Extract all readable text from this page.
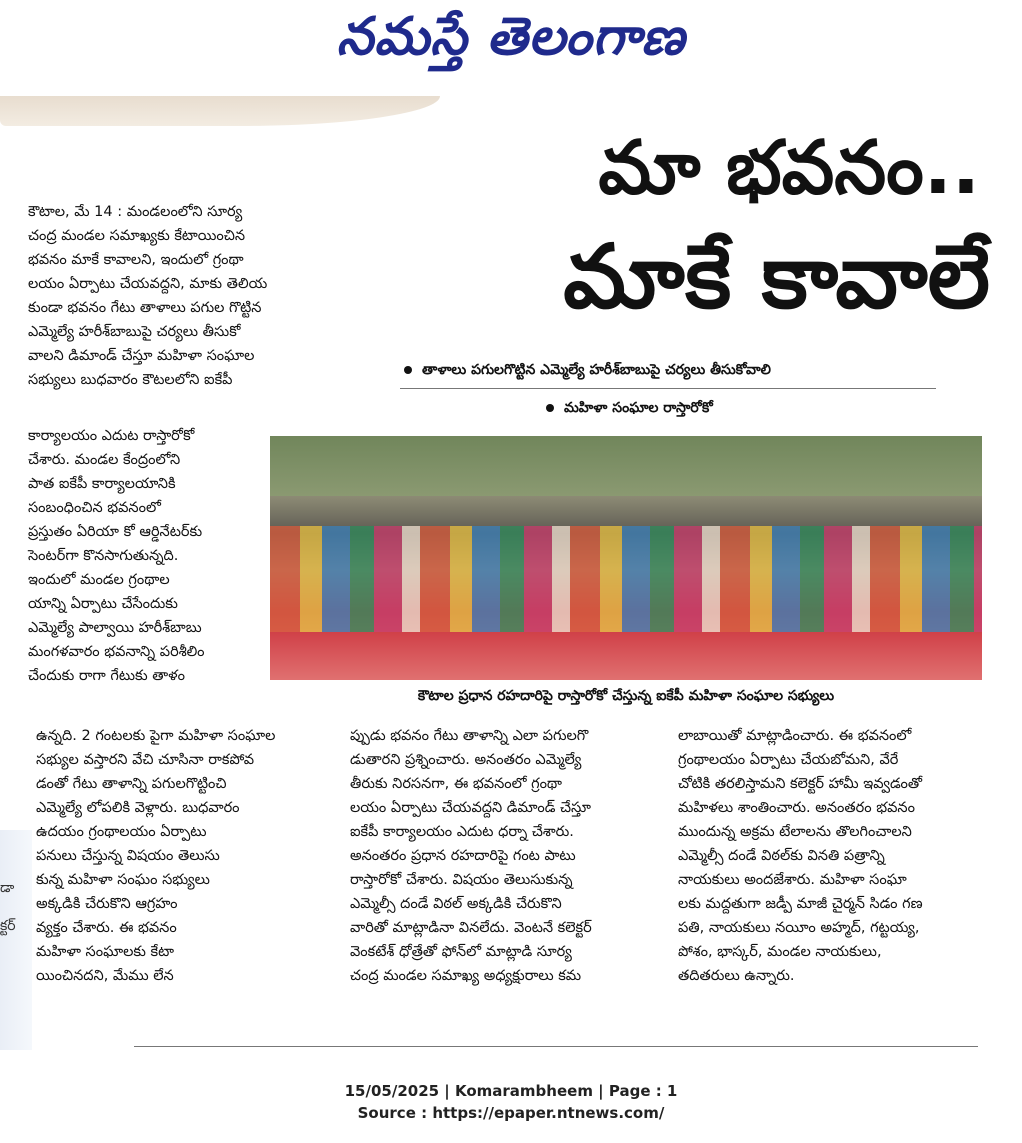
నమస్తే తెలంగాణ
మా భవనం..
మాకే కావాలే
తాళాలు పగులగొట్టిన ఎమ్మెల్యే హరీశ్‌బాబుపై చర్యలు తీసుకోవాలి
మహిళా సంఘాల రాస్తారోకో
కౌటాల ప్రధాన రహదారిపై రాస్తారోకో చేస్తున్న ఐకేపీ మహిళా సంఘాల సభ్యులు
డా
క్టర్

కౌటాల, మే 14 : మండలంలోని సూర్య

చంద్ర మండల సమాఖ్యకు కేటాయించిన

భవనం మాకే కావాలని, ఇందులో గ్రంథా

లయం ఏర్పాటు చేయవద్దని, మాకు తెలియ

కుండా భవనం గేటు తాళాలు పగుల గొట్టిన

ఎమ్మెల్యే హరీశ్‌బాబుపై చర్యలు తీసుకో

వాలని డిమాండ్ చేస్తూ మహిళా సంఘాల

సభ్యులు బుధవారం కౌటలలోని ఐకేపీ

కార్యాలయం ఎదుట రాస్తారోకో

చేశారు. మండల కేంద్రంలోని

పాత ఐకేపీ కార్యాలయానికి

సంబంధించిన భవనంలో

ప్రస్తుతం ఏరియా కో ఆర్డినేటర్‌కు

సెంటర్‌గా కొనసాగుతున్నది.

ఇందులో మండల గ్రంథాల

యాన్ని ఏర్పాటు చేసేందుకు

ఎమ్మెల్యే పాల్వాయి హరీశ్‌బాబు

మంగళవారం భవనాన్ని పరిశీలిం

చేందుకు రాగా గేటుకు తాళం

ఉన్నది. 2 గంటలకు పైగా మహిళా సంఘాల

సభ్యుల వస్తారని వేచి చూసినా రాకపోవ

డంతో గేటు తాళాన్ని పగులగొట్టించి

ఎమ్మెల్యే లోపలికి వెళ్లారు. బుధవారం

ఉదయం గ్రంథాలయం ఏర్పాటు

పనులు చేస్తున్న విషయం తెలుసు

కున్న మహిళా సంఘం సభ్యులు

అక్కడికి చేరుకొని ఆగ్రహం

వ్యక్తం చేశారు. ఈ భవనం

మహిళా సంఘాలకు కేటా

యించినదని, మేము లేన

ప్పుడు భవనం గేటు తాళాన్ని ఎలా పగులగొ

డుతారని ప్రశ్నించారు. అనంతరం ఎమ్మెల్యే

తీరుకు నిరసనగా, ఈ భవనంలో గ్రంథా

లయం ఏర్పాటు చేయవద్దని డిమాండ్ చేస్తూ

ఐకేపీ కార్యాలయం ఎదుట ధర్నా చేశారు.

అనంతరం ప్రధాన రహదారిపై గంట పాటు

రాస్తారోకో చేశారు. విషయం తెలుసుకున్న

ఎమ్మెల్సీ దండే విఠల్ అక్కడికి చేరుకొని

వారితో మాట్లాడినా వినలేదు. వెంటనే కలెక్టర్

వెంకటేశ్ ధోత్రేతో ఫోన్‌లో మాట్లాడి సూర్య

చంద్ర మండల సమాఖ్య అధ్యక్షురాలు కమ

లాబాయితో మాట్లాడించారు. ఈ భవనంలో

గ్రంథాలయం ఏర్పాటు చేయబోమని, వేరే

చోటికి తరలిస్తామని కలెక్టర్ హామీ ఇవ్వడంతో

మహిళలు శాంతించారు. అనంతరం భవనం

ముందున్న అక్రమ టేలాలను తొలగించాలని

ఎమ్మెల్సీ దండే విఠల్‌కు వినతి పత్రాన్ని

నాయకులు అందజేశారు. మహిళా సంఘా

లకు మద్దతుగా జడ్పీ మాజీ చైర్మన్ సిడం గణ

పతి, నాయకులు నయీం అహ్మద్, గట్టయ్య,

పోశం, భాస్కర్, మండల నాయకులు,

తదితరులు ఉన్నారు.

15/05/2025 | Komarambheem | Page : 1
Source : https://epaper.ntnews.com/
